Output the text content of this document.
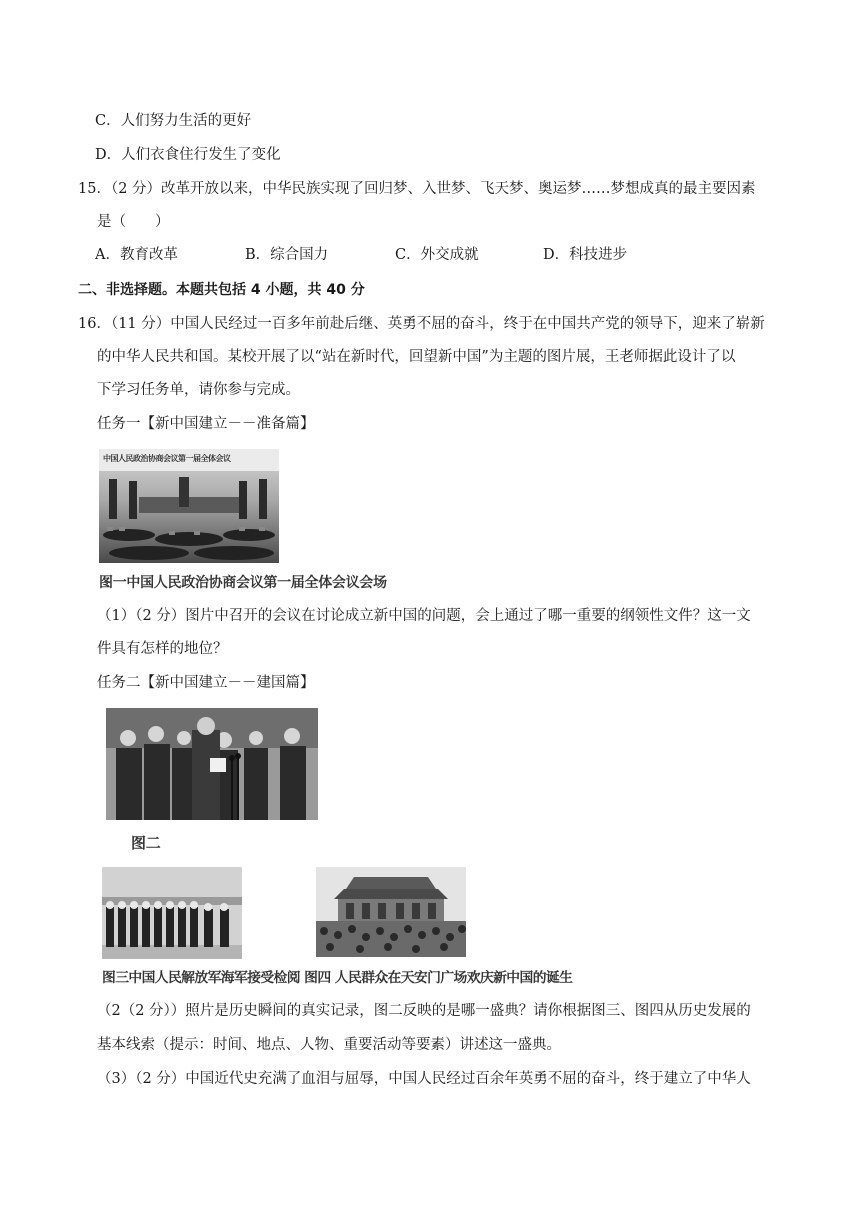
C．人们努力生活的更好
D．人们衣食住行发生了变化
15．（2 分）改革开放以来，中华民族实现了回归梦、入世梦、飞天梦、奥运梦……梦想成真的最主要因素
是（　　）
A．教育改革	B．综合国力	C．外交成就	D．科技进步
二、非选择题。本题共包括 4 小题，共 40 分
16．（11 分）中国人民经过一百多年前赴后继、英勇不屈的奋斗，终于在中国共产党的领导下，迎来了崭新
的中华人民共和国。某校开展了以“站在新时代，回望新中国”为主题的图片展，王老师据此设计了以
下学习任务单，请你参与完成。
任务一【新中国建立－－准备篇】
中国人民政治协商会议第一届全体会议
图一中国人民政治协商会议第一届全体会议会场
（1）（2 分）图片中召开的会议在讨论成立新中国的问题，会上通过了哪一重要的纲领性文件？这一文
件具有怎样的地位？
任务二【新中国建立－－建国篇】
图二
图三中国人民解放军海军接受检阅 图四 人民群众在天安门广场欢庆新中国的诞生
（2（2 分））照片是历史瞬间的真实记录，图二反映的是哪一盛典？请你根据图三、图四从历史发展的
基本线索（提示：时间、地点、人物、重要活动等要素）讲述这一盛典。
（3）（2 分）中国近代史充满了血泪与屈辱，中国人民经过百余年英勇不屈的奋斗，终于建立了中华人
